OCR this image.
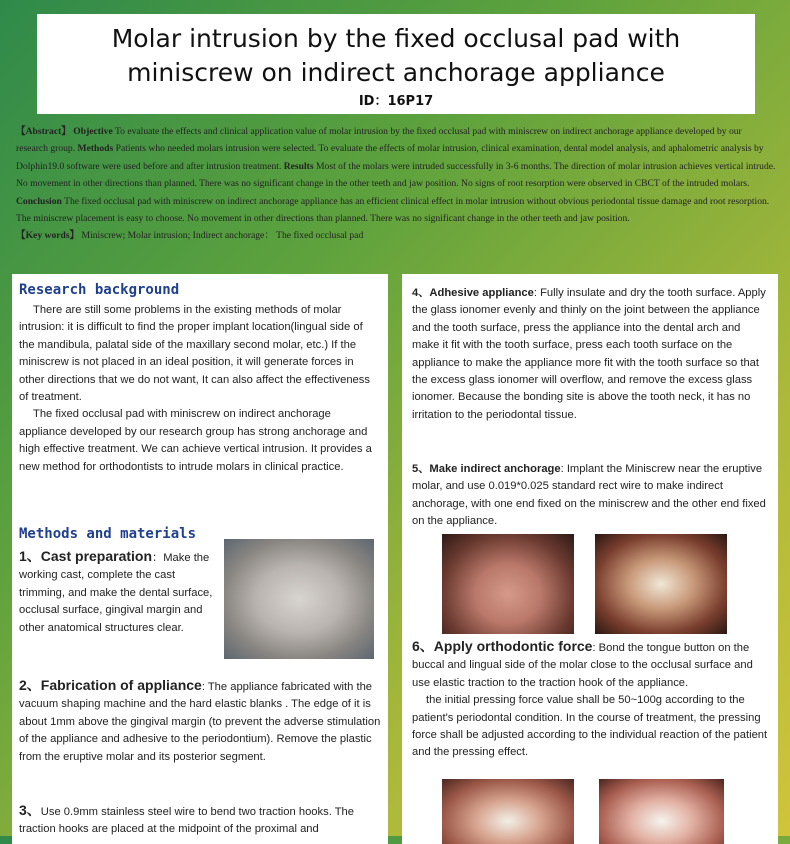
Molar intrusion by the fixed occlusal pad with miniscrew on indirect anchorage appliance
ID：16P17
【Abstract】 Objective To evaluate the effects and clinical application value of molar intrusion by the fixed occlusal pad with miniscrew on indirect anchorage appliance developed by our research group. Methods Patients who needed molars intrusion were selected. To evaluate the effects of molar intrusion, clinical examination, dental model analysis, and aphalometric analysis by Dolphin19.0 software were used before and after intrusion treatment. Results Most of the molars were intruded successfully in 3-6 months. The direction of molar intrusion achieves vertical intrude. No movement in other directions than planned. There was no significant change in the other teeth and jaw position. No signs of root resorption were observed in CBCT of the intruded molars. Conclusion The fixed occlusal pad with miniscrew on indirect anchorage appliance has an efficient clinical effect in molar intrusion without obvious periodontal tissue damage and root resorption. The miniscrew placement is easy to choose. No movement in other directions than planned. There was no significant change in the other teeth and jaw position.
【Key words】 Miniscrew; Molar intrusion; Indirect anchorage： The fixed occlusal pad

Research background

There are still some problems in the existing methods of molar intrusion: it is difficult to find the proper implant location(lingual side of the mandibula, palatal side of the maxillary second molar, etc.) If the miniscrew is not placed in an ideal position, it will generate forces in other directions that we do not want, It can also affect the effectiveness of treatment.

The fixed occlusal pad with miniscrew on indirect anchorage appliance developed by our research group has strong anchorage and high effective treatment. We can achieve vertical intrusion. It provides a new method for orthodontists to intrude molars in clinical practice.

Methods and materials

1、Cast preparation：Make the working cast, complete the cast trimming, and make the dental surface, occlusal surface, gingival margin and other anatomical structures clear.

2、Fabrication of appliance: The appliance fabricated with the vacuum shaping machine and the hard elastic blanks . The edge of it is about 1mm above the gingival margin (to prevent the adverse stimulation of the appliance and adhesive to the periodontium). Remove the plastic from the eruptive molar and its posterior segment.

3、Use 0.9mm stainless steel wire to bend two traction hooks. The traction hooks are placed at the midpoint of the proximal and

4、Adhesive appliance: Fully insulate and dry the tooth surface. Apply the glass ionomer evenly and thinly on the joint between the appliance and the tooth surface, press the appliance into the dental arch and make it fit with the tooth surface, press each tooth surface on the appliance to make the appliance more fit with the tooth surface so that the excess glass ionomer will overflow, and remove the excess glass ionomer. Because the bonding site is above the tooth neck, it has no irritation to the periodontal tissue.

5、Make indirect anchorage: Implant the Miniscrew near the eruptive molar, and use 0.019*0.025 standard rect wire to make indirect anchorage, with one end fixed on the miniscrew and the other end fixed on the appliance.

6、Apply orthodontic force: Bond the tongue button on the buccal and lingual side of the molar close to the occlusal surface and use elastic traction to the traction hook of the appliance.

the initial pressing force value shall be 50~100g according to the patient's periodontal condition. In the course of treatment, the pressing force shall be adjusted according to the individual reaction of the patient and the pressing effect.
